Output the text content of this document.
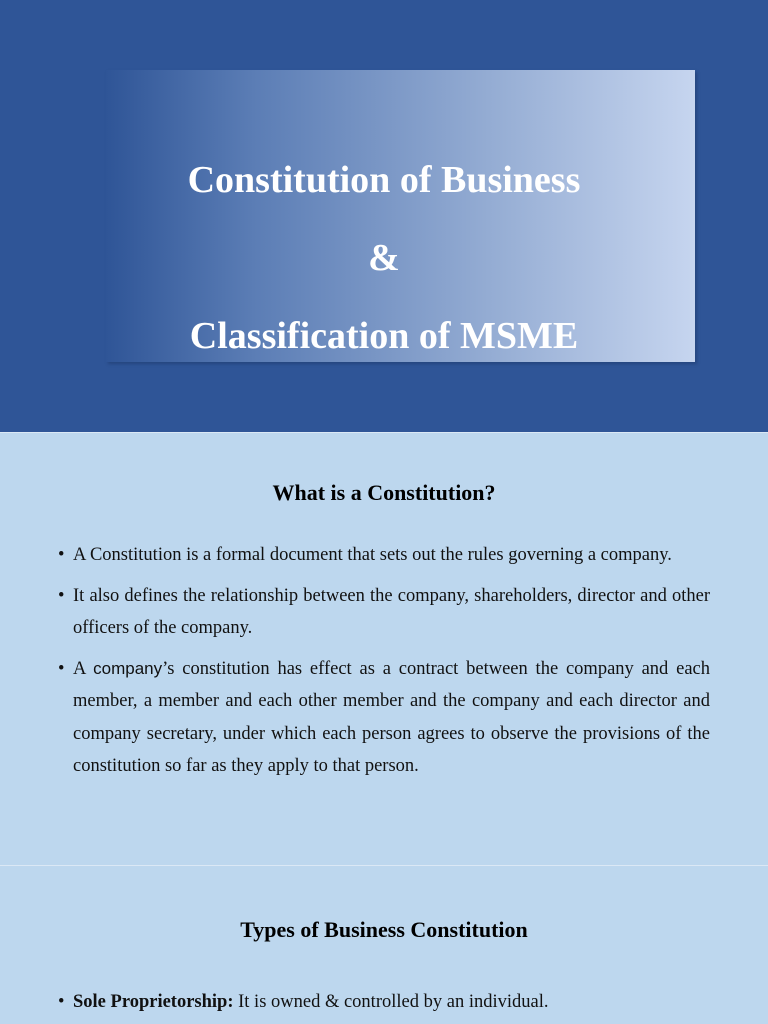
Constitution of Business
&
Classification of MSME
What is a Constitution?
• A Constitution is a formal document that sets out the rules governing a company.
• It also defines the relationship between the company, shareholders, director and other officers of the company.
• A company’s constitution has effect as a contract between the company and each member, a member and each other member and the company and each director and company secretary, under which each person agrees to observe the provisions of the constitution so far as they apply to that person.
Types of Business Constitution
• Sole Proprietorship: It is owned & controlled by an individual.
